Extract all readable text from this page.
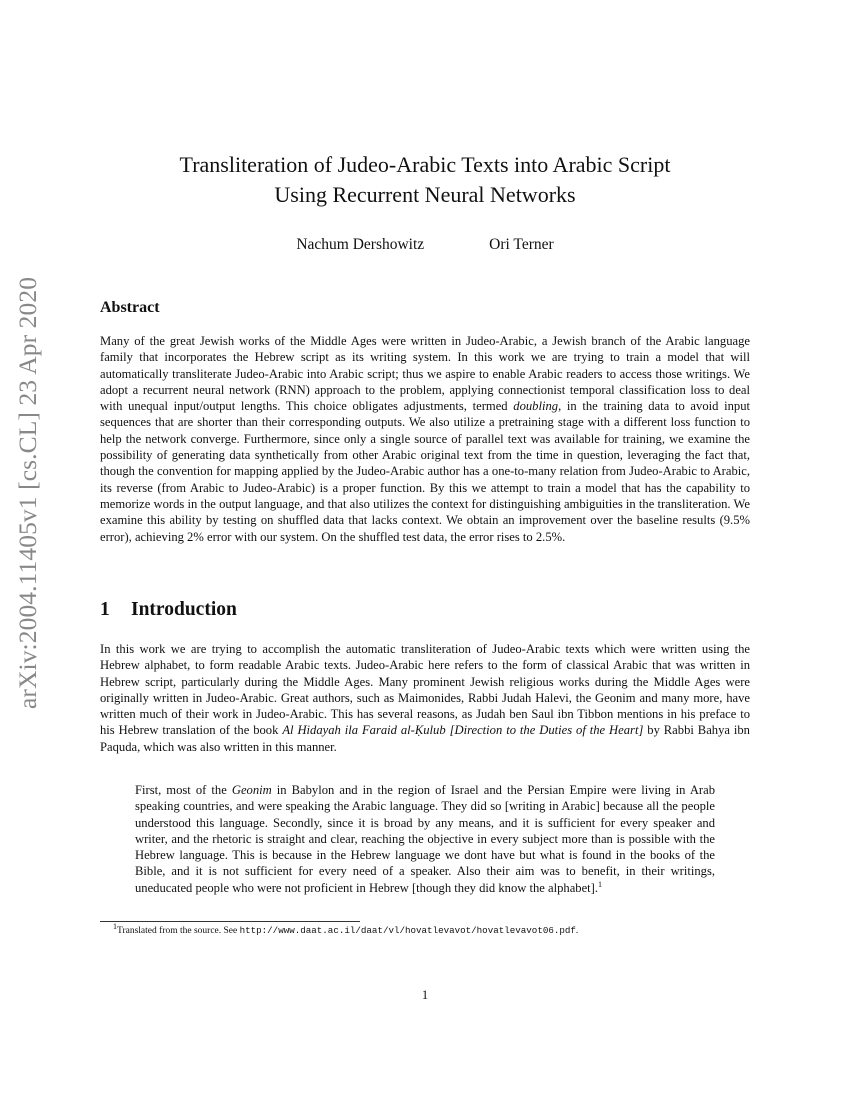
arXiv:2004.11405v1 [cs.CL] 23 Apr 2020
Transliteration of Judeo-Arabic Texts into Arabic Script
Using Recurrent Neural Networks
Nachum Dershowitz	Ori Terner
Abstract

Many of the great Jewish works of the Middle Ages were written in Judeo-Arabic, a Jewish branch of the Arabic language family that incorporates the Hebrew script as its writing system. In this work we are trying to train a model that will automatically transliterate Judeo-Arabic into Arabic script; thus we aspire to enable Arabic readers to access those writings. We adopt a recurrent neural network (RNN) approach to the problem, applying connectionist temporal classification loss to deal with unequal input/output lengths. This choice obligates adjustments, termed doubling, in the training data to avoid input sequences that are shorter than their corresponding outputs. We also utilize a pretraining stage with a different loss function to help the network converge. Furthermore, since only a single source of parallel text was available for training, we examine the possibility of generating data synthetically from other Arabic original text from the time in question, leveraging the fact that, though the convention for mapping applied by the Judeo-Arabic author has a one-to-many relation from Judeo-Arabic to Arabic, its reverse (from Arabic to Judeo-Arabic) is a proper function. By this we attempt to train a model that has the capability to memorize words in the output language, and that also utilizes the context for distinguishing ambiguities in the transliteration. We examine this ability by testing on shuffled data that lacks context. We obtain an improvement over the baseline results (9.5% error), achieving 2% error with our system. On the shuffled test data, the error rises to 2.5%.

1 Introduction

In this work we are trying to accomplish the automatic transliteration of Judeo-Arabic texts which were written using the Hebrew alphabet, to form readable Arabic texts. Judeo-Arabic here refers to the form of classical Arabic that was written in Hebrew script, particularly during the Middle Ages. Many prominent Jewish religious works during the Middle Ages were originally written in Judeo-Arabic. Great authors, such as Maimonides, Rabbi Judah Halevi, the Geonim and many more, have written much of their work in Judeo-Arabic. This has several reasons, as Judah ben Saul ibn Tibbon mentions in his preface to his Hebrew translation of the book Al Hidayah ila Faraid al-Ḳulub [Direction to the Duties of the Heart] by Rabbi Bahya ibn Paquda, which was also written in this manner.

First, most of the Geonim in Babylon and in the region of Israel and the Persian Empire were living in Arab speaking countries, and were speaking the Arabic language. They did so [writing in Arabic] because all the people understood this language. Secondly, since it is broad by any means, and it is sufficient for every speaker and writer, and the rhetoric is straight and clear, reaching the objective in every subject more than is possible with the Hebrew language. This is because in the Hebrew language we dont have but what is found in the books of the Bible, and it is not sufficient for every need of a speaker. Also their aim was to benefit, in their writings, uneducated people who were not proficient in Hebrew [though they did know the alphabet].$^1$

$^1$Translated from the source. See http://www.daat.ac.il/daat/vl/hovatlevavot/hovatlevavot06.pdf.

1
